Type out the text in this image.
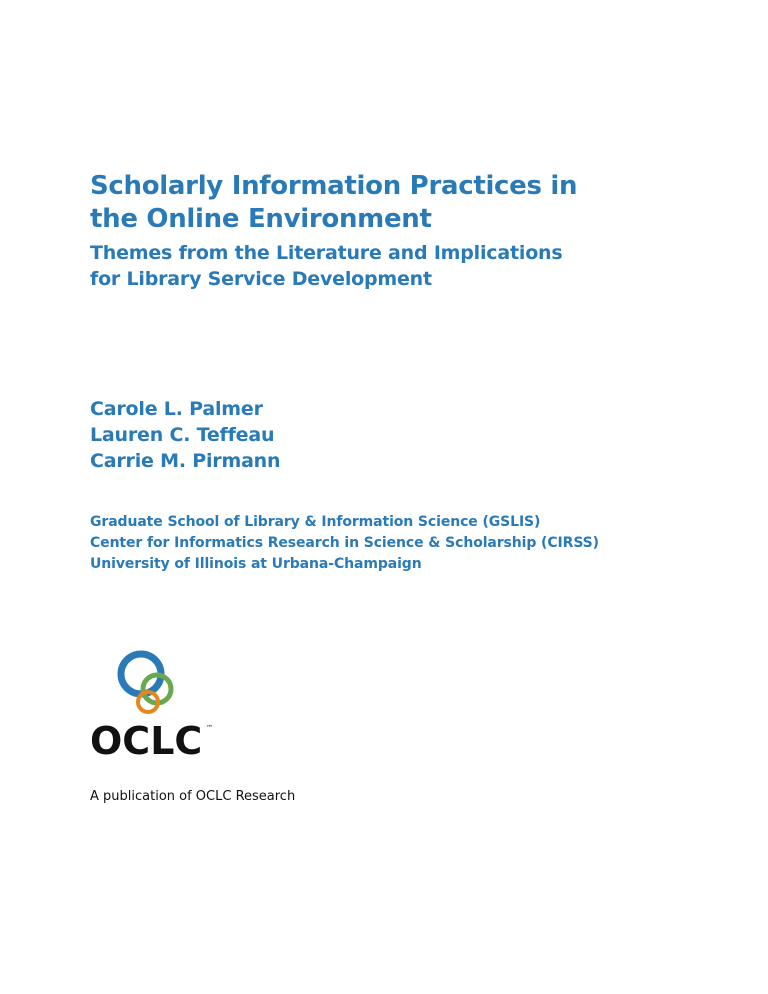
Scholarly Information Practices in
the Online Environment
Themes from the Literature and Implications
for Library Service Development
Carole L. Palmer
Lauren C. Teffeau
Carrie M. Pirmann
Graduate School of Library & Information Science (GSLIS)
Center for Informatics Research in Science & Scholarship (CIRSS)
University of Illinois at Urbana-Champaign
OCLC ™
A publication of OCLC Research
